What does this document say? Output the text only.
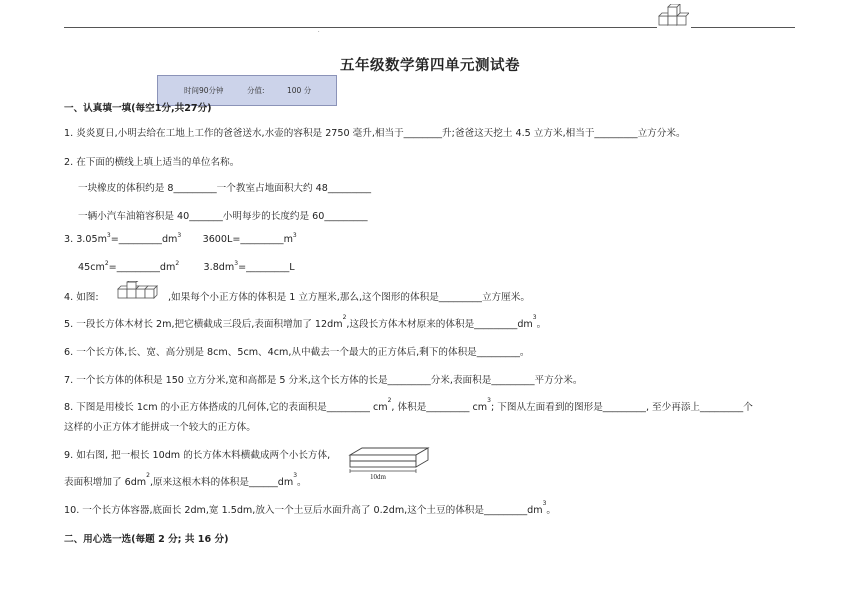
.
五年级数学第四单元测试卷
时间90分钟	分值:	100 分
一、认真填一填(每空1分,共27分)
1. 炎炎夏日,小明去给在工地上工作的爸爸送水,水壶的容积是 2750 毫升,相当于________升;爸爸这天挖土 4.5 立方米,相当于_________立方分米。
2. 在下面的横线上填上适当的单位名称。
一块橡皮的体积约是 8_________一个教室占地面积大约 48_________
一辆小汽车油箱容积是 40_______小明每步的长度约是 60_________
3. $3.05m^3=\_\_\_\_\_\_\_\_\_dm^3$ $3600L=\_\_\_\_\_\_\_\_\_m^3$
$45cm^2=\_\_\_\_\_\_\_\_\_dm^2$	$3.8dm^3=\_\_\_\_\_\_\_\_\_L$
4. 如图:	,如果每个小正方体的体积是 1 立方厘米,那么,这个图形的体积是_________立方厘米。
5. 一段长方体木材长 2m,把它横截成三段后,表面积增加了 $12dm^2$,这段长方体木材原来的体积是$\_\_\_\_\_\_\_\_\_dm^3$。
6. 一个长方体,长、宽、高分别是 8cm、5cm、4cm,从中截去一个最大的正方体后,剩下的体积是_________。
7. 一个长方体的体积是 150 立方分米,宽和高都是 5 分米,这个长方体的长是_________分米,表面积是_________平方分米。
8. 下图是用棱长 1cm 的小正方体搭成的几何体,它的表面积是_________ $cm^2$, 体积是_________ $cm^3$; 下图从左面看到的图形是_________, 至少再添上_________个
这样的小正方体才能拼成一个较大的正方体。
9. 如右图, 把一根长 10dm 的长方体木料横截成两个小长方体,
表面积增加了 $6dm^2$,原来这根木料的体积是$\_\_\_\_\_\_dm^3$。	10dm
10. 一个长方体容器,底面长 2dm,宽 1.5dm,放入一个土豆后水面升高了 0.2dm,这个土豆的体积是$\_\_\_\_\_\_\_\_\_dm^3$。
二、用心选一选(每题 2 分; 共 16 分)
